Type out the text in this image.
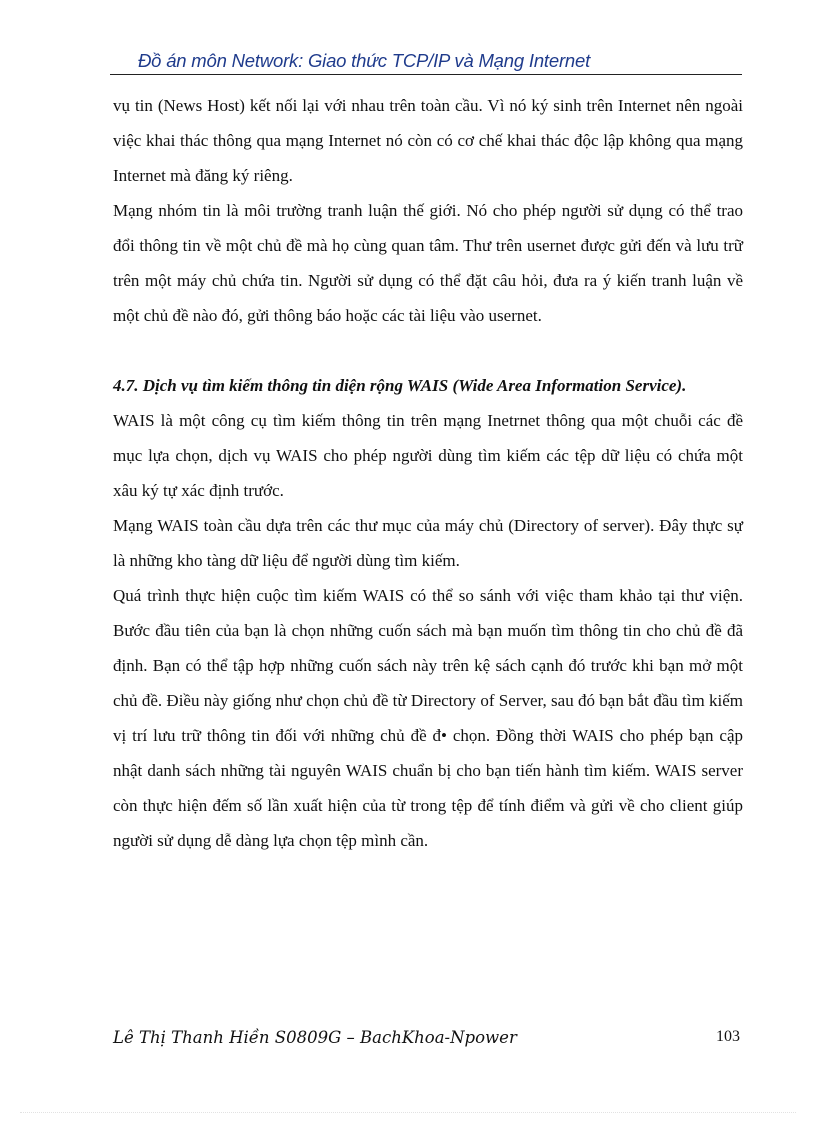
Đồ án môn Network: Giao thức TCP/IP và Mạng Internet

vụ tin (News Host) kết nối lại với nhau trên toàn cầu. Vì nó ký sinh trên Internet nên ngoài việc khai thác thông qua mạng Internet nó còn có cơ chế khai thác độc lập không qua mạng Internet mà đăng ký riêng.

Mạng nhóm tin là môi trường tranh luận thế giới. Nó cho phép người sử dụng có thể trao đổi thông tin về một chủ đề mà họ cùng quan tâm. Thư trên usernet được gửi đến và lưu trữ trên một máy chủ chứa tin. Người sử dụng có thể đặt câu hỏi, đưa ra ý kiến tranh luận về một chủ đề nào đó, gửi thông báo hoặc các tài liệu vào usernet.

4.7. Dịch vụ tìm kiếm thông tin diện rộng WAIS (Wide Area Information Service).

WAIS là một công cụ tìm kiếm thông tin trên mạng Inetrnet thông qua một chuỗi các đề mục lựa chọn, dịch vụ WAIS cho phép người dùng tìm kiếm các tệp dữ liệu có chứa một xâu ký tự xác định trước.

Mạng WAIS toàn cầu dựa trên các thư mục của máy chủ (Directory of server). Đây thực sự là những kho tàng dữ liệu để người dùng tìm kiếm.

Quá trình thực hiện cuộc tìm kiếm WAIS có thể so sánh với việc tham khảo tại thư viện. Bước đầu tiên của bạn là chọn những cuốn sách mà bạn muốn tìm thông tin cho chủ đề đã định. Bạn có thể tập hợp những cuốn sách này trên kệ sách cạnh đó trước khi bạn mở một chủ đề. Điều này giống như chọn chủ đề từ Directory of Server, sau đó bạn bắt đầu tìm kiếm vị trí lưu trữ thông tin đối với những chủ đề đ• chọn. Đồng thời WAIS cho phép bạn cập nhật danh sách những tài nguyên WAIS chuẩn bị cho bạn tiến hành tìm kiếm. WAIS server còn thực hiện đếm số lần xuất hiện của từ trong tệp để tính điểm và gửi về cho client giúp người sử dụng dễ dàng lựa chọn tệp mình cần.

Lê Thị Thanh Hiền S0809G – BachKhoa-Npower	103
